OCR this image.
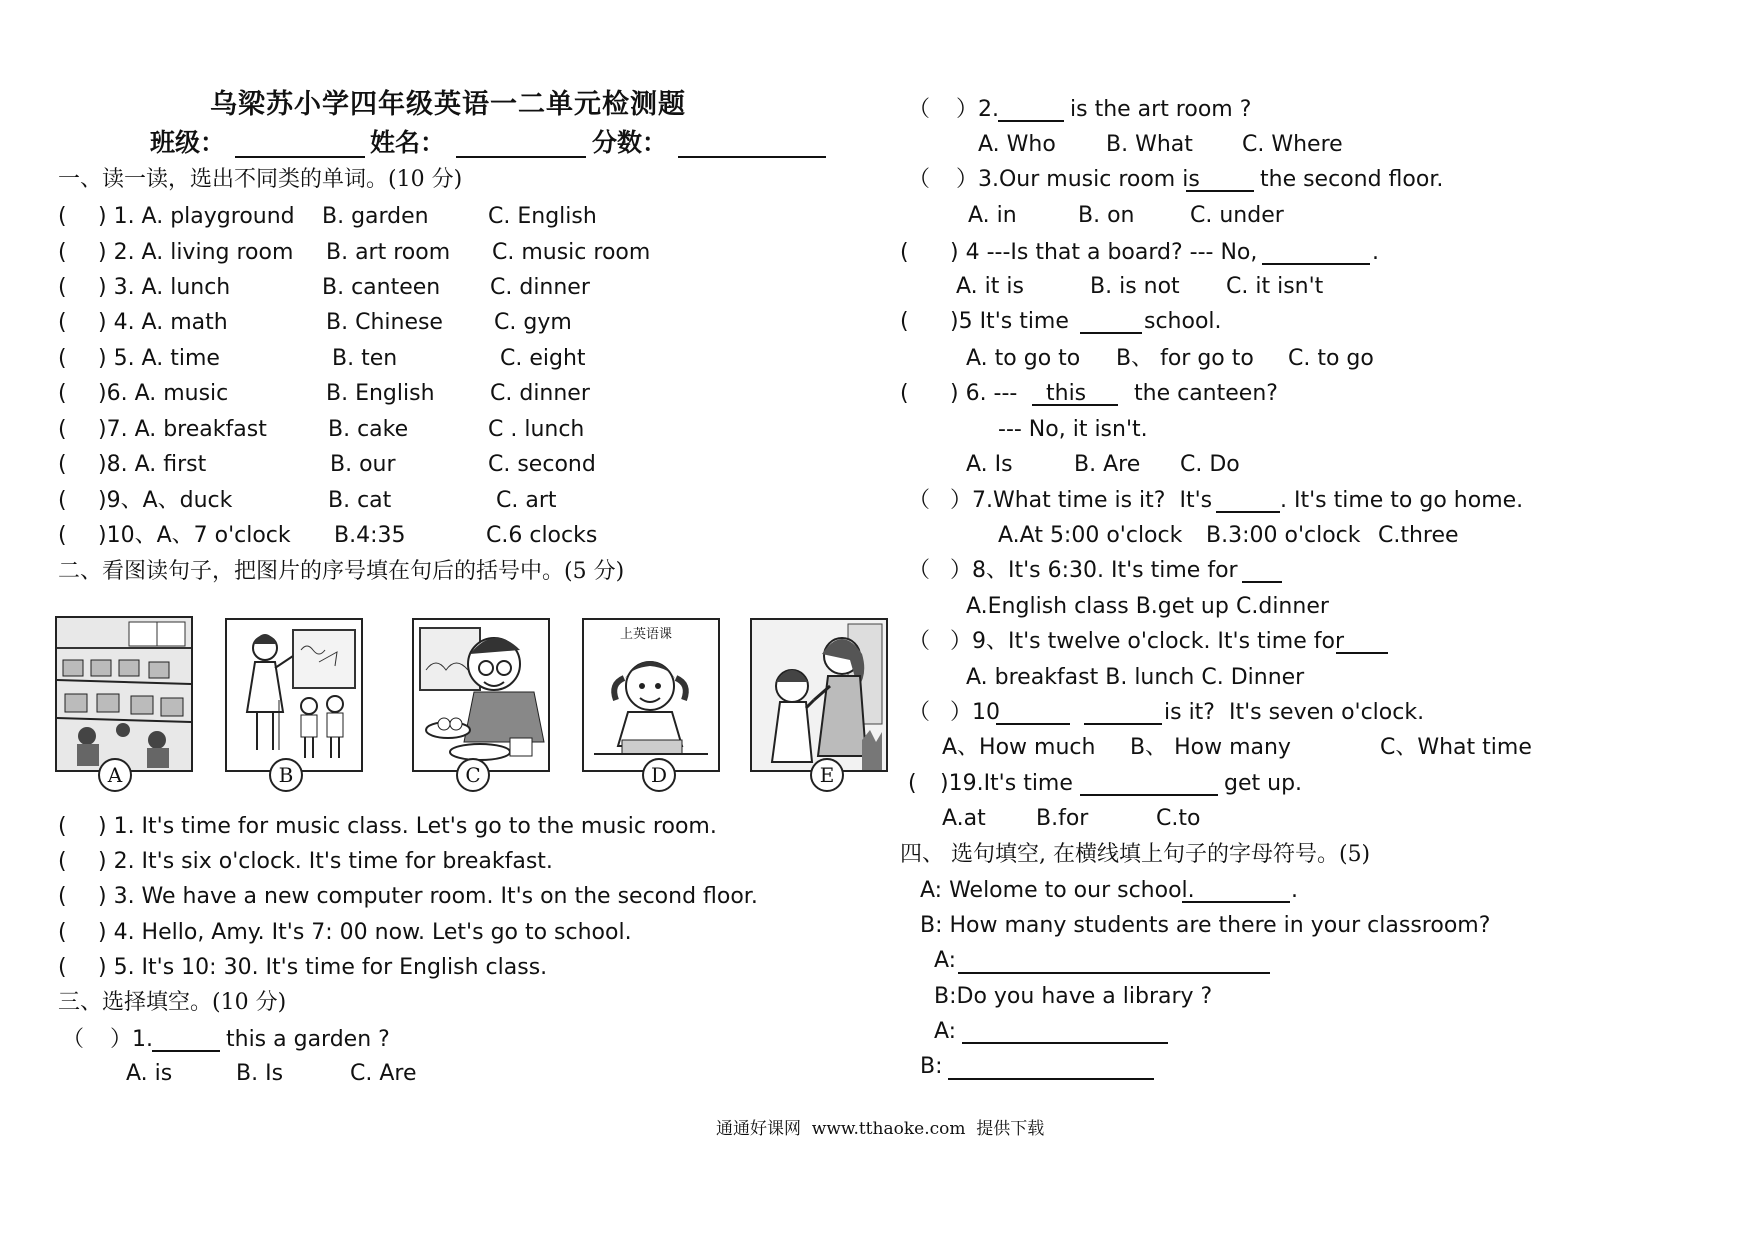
乌梁苏小学四年级英语一二单元检测题
班级：	姓名：	分数：
一、读一读，选出不同类的单词。(10 分)
( ) 1. A. playground B. garden	C. English
( ) 2. A. living room B. art room C. music room
( ) 3. A. lunch	B. canteen C. dinner
( ) 4. A. math	B. Chinese C. gym
( ) 5. A. time	B. ten	C. eight
( )6. A. music	B. English	C. dinner
( )7. A. breakfast	B. cake	C . lunch
( )8. A. first	B. our	C. second
( )9、A、duck	B. cat	C. art
( )10、A、7 o'clock B.4:35	C.6 clocks
二、看图读句子，把图片的序号填在句后的括号中。(5 分)
A	B	C
上英语课
D	E
( ) 1. It's time for music class. Let's go to the music room.
( ) 2. It's six o'clock. It's time for breakfast.
( ) 3. We have a new computer room. It's on the second floor.
( ) 4. Hello, Amy. It's 7: 00 now. Let's go to school.
( ) 5. It's 10: 30. It's time for English class.
三、选择填空。(10 分)
（ ）1.	this a garden ?
A. is	B. Is	C. Are
（ ）2.	is the art room ?
A. Who B. What C. Where
（ ）3.Our music room is	the second floor.
A. in	B. on	C. under
( ) 4 ---Is that a board? --- No,	.
A. it is	B. is not C. it isn't
( )5 It's time	school.
A. to go to B、 for go to C. to go
( ) 6. --- this the canteen?
--- No, it isn't.
A. Is	B. Are C. Do
（ ）7.What time is it?  It's	. It's time to go home.
A.At 5:00 o'clock B.3:00 o'clock C.three
（ ）8、It's 6:30. It's time for
A.English class B.get up C.dinner
（ ）9、It's twelve o'clock. It's time for
A. breakfast B. lunch C. Dinner
（ ）10	is it?  It's seven o'clock.
A、How much B、 How many	C、What time
( )19.It's time	get up.
A.at B.for	C.to
四、 选句填空, 在横线填上句子的字母符号。(5)
A: Welome to our school.	.
B: How many students are there in your classroom?
A:
B:Do you have a library ?
A:
B:
通通好课网  www.tthaoke.com  提供下载
